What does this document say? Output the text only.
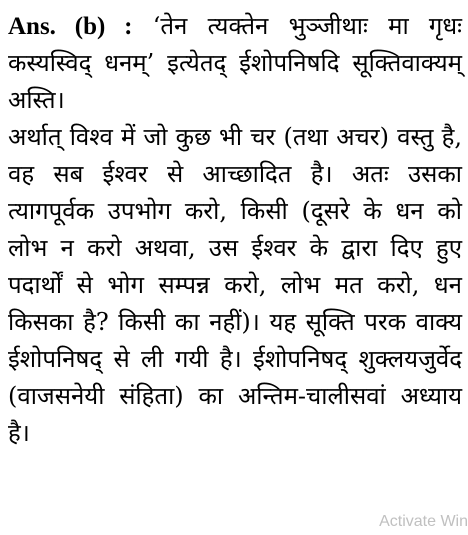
Ans. (b) : ‘तेन त्यक्तेन भुञ्जीथाः मा गृधः कस्यस्विद् धनम्’ इत्येतद् ईशोपनिषदि सूक्तिवाक्यम् अस्ति।
अर्थात् विश्व में जो कुछ भी चर (तथा अचर) वस्तु है, वह सब ईश्वर से आच्छादित है। अतः उसका त्यागपूर्वक उपभोग करो, किसी (दूसरे के धन को लोभ न करो अथवा, उस ईश्वर के द्वारा दिए हुए पदार्थों से भोग सम्पन्न करो, लोभ मत करो, धन किसका है? किसी का नहीं)। यह सूक्ति परक वाक्य ईशोपनिषद् से ली गयी है। ईशोपनिषद् शुक्लयजुर्वेद (वाजसनेयी संहिता) का अन्तिम-चालीसवां अध्याय है।
Activate Win
